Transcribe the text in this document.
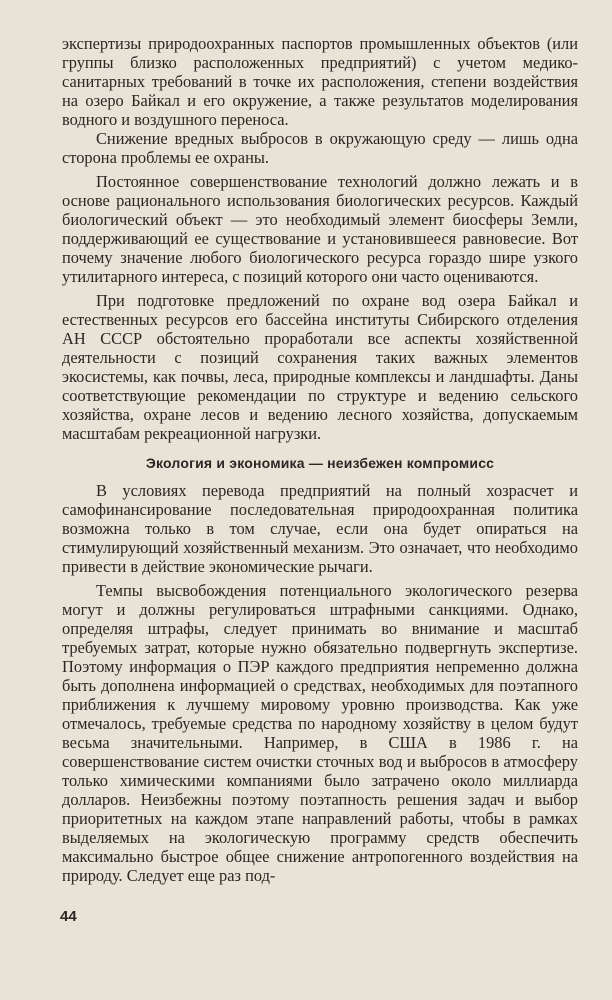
экспертизы природоохранных паспортов промышленных объектов (или группы близко расположенных предприятий) с учетом медико-санитарных требований в точке их расположения, степени воздействия на озеро Байкал и его окружение, а также результатов моделирования водного и воздушного переноса.

Снижение вредных выбросов в окружающую среду — лишь одна сторона проблемы ее охраны.

Постоянное совершенствование технологий должно лежать и в основе рационального использования биологических ресурсов. Каждый биологический объект — это необходимый элемент биосферы Земли, поддерживающий ее существование и установившееся равновесие. Вот почему значение любого биологического ресурса гораздо шире узкого утилитарного интереса, с позиций которого они часто оцениваются.

При подготовке предложений по охране вод озера Байкал и естественных ресурсов его бассейна институты Сибирского отделения АН СССР обстоятельно проработали все аспекты хозяйственной деятельности с позиций сохранения таких важных элементов экосистемы, как почвы, леса, природные комплексы и ландшафты. Даны соответствующие рекомендации по структуре и ведению сельского хозяйства, охране лесов и ведению лесного хозяйства, допускаемым масштабам рекреационной нагрузки.

Экология и экономика — неизбежен компромисс

В условиях перевода предприятий на полный хозрасчет и самофинансирование последовательная природоохранная политика возможна только в том случае, если она будет опираться на стимулирующий хозяйственный механизм. Это означает, что необходимо привести в действие экономические рычаги.

Темпы высвобождения потенциального экологического резерва могут и должны регулироваться штрафными санкциями. Однако, определяя штрафы, следует принимать во внимание и масштаб требуемых затрат, которые нужно обязательно подвергнуть экспертизе. Поэтому информация о ПЭР каждого предприятия непременно должна быть дополнена информацией о средствах, необходимых для поэтапного приближения к лучшему мировому уровню производства. Как уже отмечалось, требуемые средства по народному хозяйству в целом будут весьма значительными. Например, в США в 1986 г. на совершенствование систем очистки сточных вод и выбросов в атмосферу только химическими компаниями было затрачено около миллиарда долларов. Неизбежны поэтому поэтапность решения задач и выбор приоритетных на каждом этапе направлений работы, чтобы в рамках выделяемых на экологическую программу средств обеспечить максимально быстрое общее снижение антропогенного воздействия на природу. Следует еще раз под-

44
